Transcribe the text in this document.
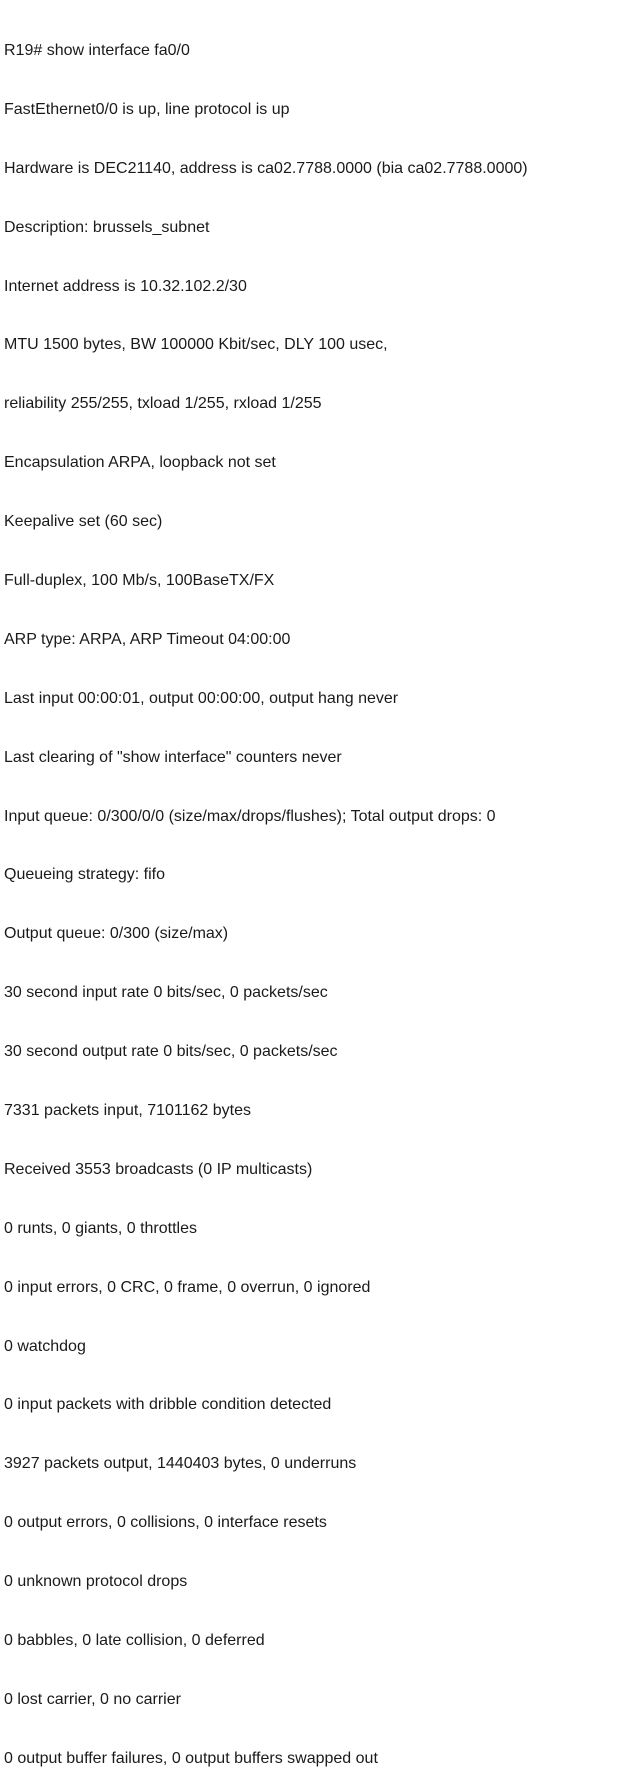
R19# show interface fa0/0

FastEthernet0/0 is up, line protocol is up

Hardware is DEC21140, address is ca02.7788.0000 (bia ca02.7788.0000)

Description: brussels_subnet

Internet address is 10.32.102.2/30

MTU 1500 bytes, BW 100000 Kbit/sec, DLY 100 usec,

reliability 255/255, txload 1/255, rxload 1/255

Encapsulation ARPA, loopback not set

Keepalive set (60 sec)

Full-duplex, 100 Mb/s, 100BaseTX/FX

ARP type: ARPA, ARP Timeout 04:00:00

Last input 00:00:01, output 00:00:00, output hang never

Last clearing of "show interface" counters never

Input queue: 0/300/0/0 (size/max/drops/flushes); Total output drops: 0

Queueing strategy: fifo

Output queue: 0/300 (size/max)

30 second input rate 0 bits/sec, 0 packets/sec

30 second output rate 0 bits/sec, 0 packets/sec

7331 packets input, 7101162 bytes

Received 3553 broadcasts (0 IP multicasts)

0 runts, 0 giants, 0 throttles

0 input errors, 0 CRC, 0 frame, 0 overrun, 0 ignored

0 watchdog

0 input packets with dribble condition detected

3927 packets output, 1440403 bytes, 0 underruns

0 output errors, 0 collisions, 0 interface resets

0 unknown protocol drops

0 babbles, 0 late collision, 0 deferred

0 lost carrier, 0 no carrier

0 output buffer failures, 0 output buffers swapped out
